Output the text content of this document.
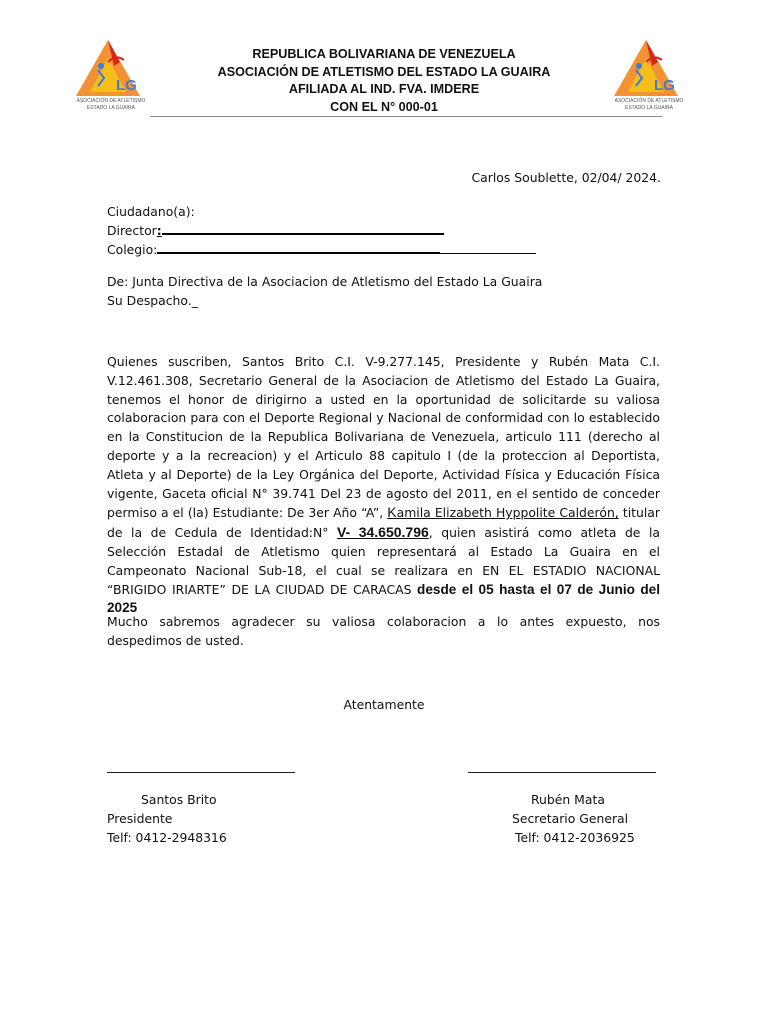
LG
ASOCIACIÓN DE ATLETISMO
ESTADO LA GUAIRA
REPUBLICA BOLIVARIANA DE VENEZUELA
ASOCIACIÓN DE ATLETISMO DEL ESTADO LA GUAIRA
AFILIADA AL IND. FVA. IMDERE
CON EL N° 000-01
LG
ASOCIACIÓN DE ATLETISMO
ESTADO LA GUAIRA
Carlos Soublette, 02/04/ 2024.
Ciudadano(a):
Director:
Colegio:
De: Junta Directiva de la Asociacion de Atletismo del Estado La Guaira
Su Despacho._
Quienes suscriben, Santos Brito C.I. V-9.277.145, Presidente y Rubén Mata C.I. V.12.461.308, Secretario General de la Asociacion de Atletismo del Estado La Guaira, tenemos el honor de dirigirno a usted en la oportunidad de solicitarde su valiosa colaboracion para con el Deporte Regional y Nacional de conformidad con lo establecido en la Constitucion de la Republica Bolivariana de Venezuela, articulo 111 (derecho al deporte y a la recreacion) y el Articulo 88 capitulo I (de la proteccion al Deportista, Atleta y al Deporte) de la Ley Orgánica del Deporte, Actividad Física y Educación Física vigente, Gaceta oficial N° 39.741 Del 23 de agosto del 2011, en el sentido de conceder permiso a el (la) Estudiante: De 3er Año “A”, Kamila Elizabeth Hyppolite Calderón, titular de la de Cedula de Identidad:N° V- 34.650.796, quien asistirá como atleta de la Selección Estadal de Atletismo quien representará al Estado La Guaira en el Campeonato Nacional Sub-18, el cual se realizara en EN EL ESTADIO NACIONAL “BRIGIDO IRIARTE” DE LA CIUDAD DE CARACAS desde el 05 hasta el 07 de Junio del 2025
Mucho sabremos agradecer su valiosa colaboracion a lo antes expuesto, nos despedimos de usted.
Atentamente
Santos Brito
Presidente
Telf: 0412-2948316
Rubén Mata
Secretario General
Telf: 0412-2036925
